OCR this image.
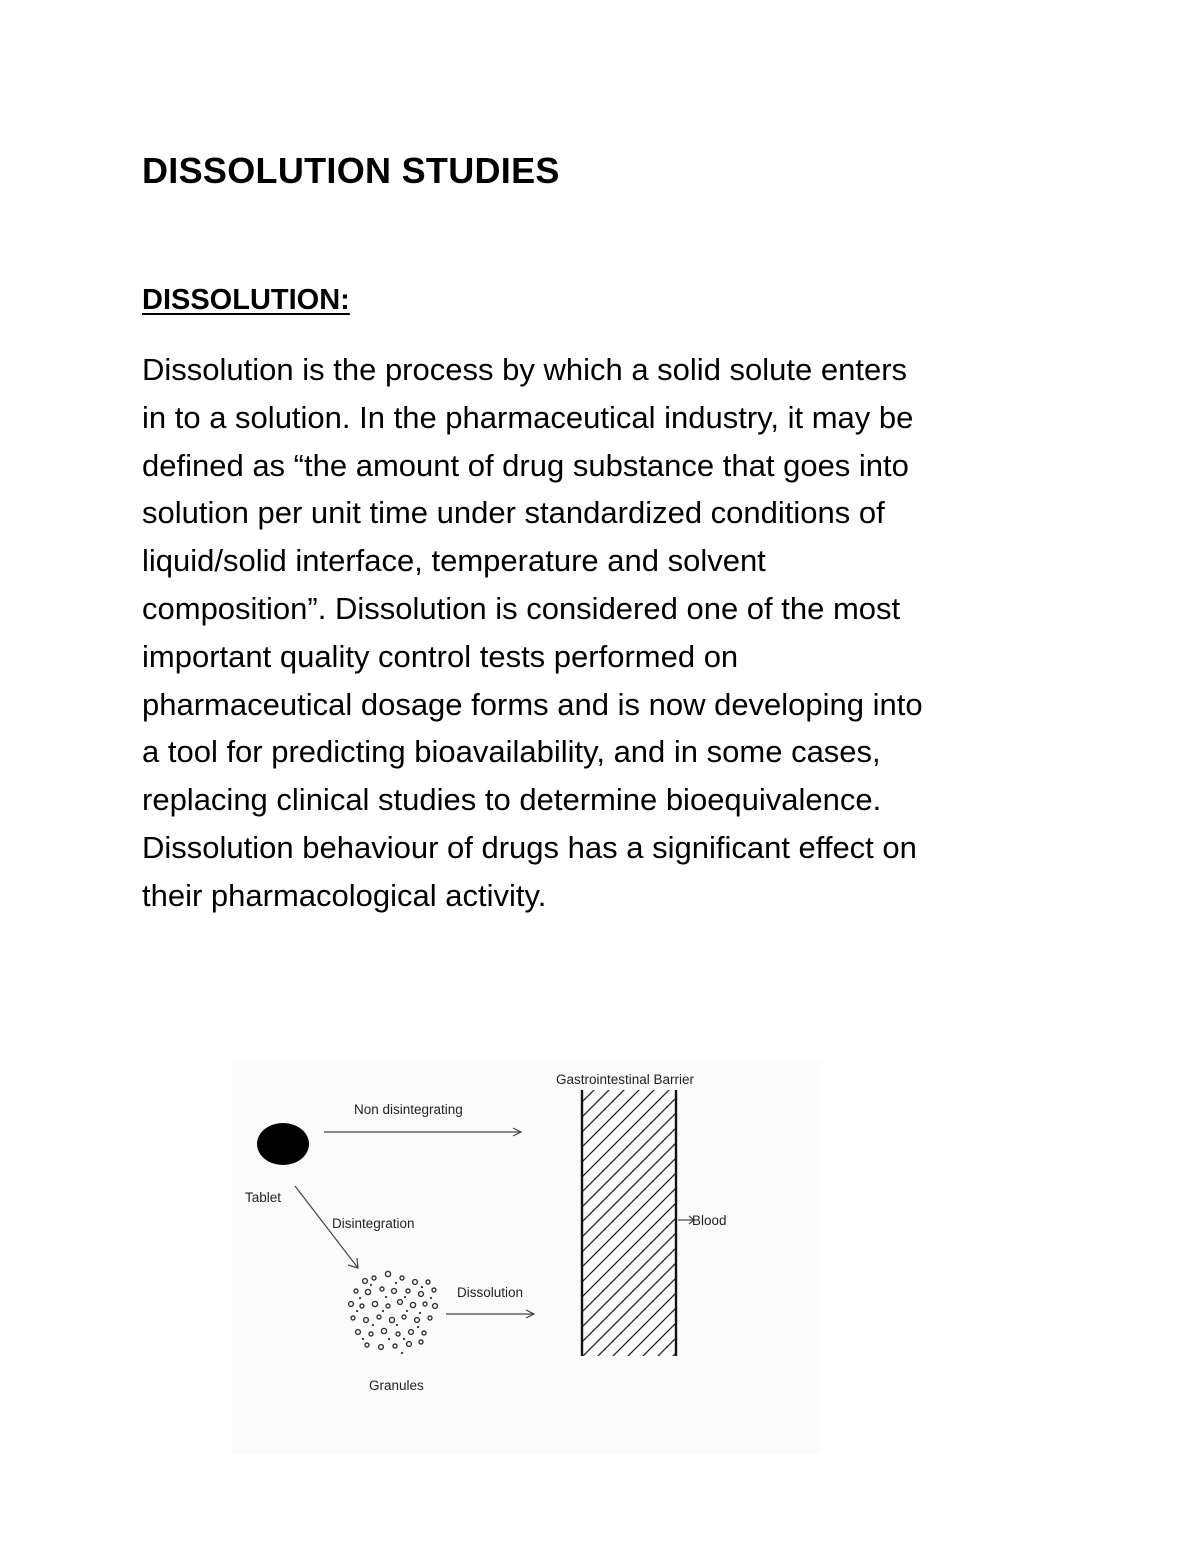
DISSOLUTION STUDIES
DISSOLUTION:

Dissolution is the process by which a solid solute enters
in to a solution. In the pharmaceutical industry, it may be
defined as “the amount of drug substance that goes into
solution per unit time under standardized conditions of
liquid/solid interface, temperature and solvent
composition”. Dissolution is considered one of the most
important quality control tests performed on
pharmaceutical dosage forms and is now developing into
a tool for predicting bioavailability, and in some cases,
replacing clinical studies to determine bioequivalence.
Dissolution behaviour of drugs has a significant effect on
their pharmacological activity.

Tablet
Non disintegrating
Disintegration
Granules
Dissolution
Gastrointestinal Barrier
Blood
